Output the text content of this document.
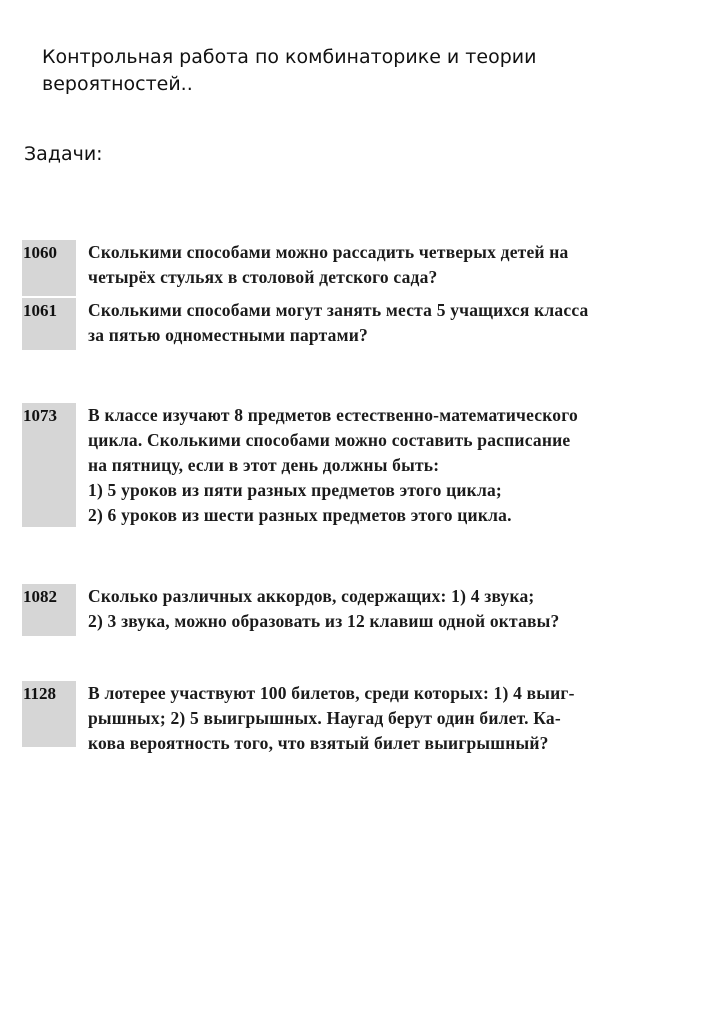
Контрольная работа по комбинаторике и теории вероятностей..
Задачи:
1060	Сколькими способами можно рассадить четверых детей на
четырёх стульях в столовой детского сада?
1061	Сколькими способами могут занять места 5 учащихся класса
за пятью одноместными партами?
1073	В классе изучают 8 предметов естественно-математического
цикла. Сколькими способами можно составить расписание
на пятницу, если в этот день должны быть:
1) 5 уроков из пяти разных предметов этого цикла;
2) 6 уроков из шести разных предметов этого цикла.
1082	Сколько различных аккордов, содержащих: 1) 4 звука;
2) 3 звука, можно образовать из 12 клавиш одной октавы?
1128	В лотерее участвуют 100 билетов, среди которых: 1) 4 выиг-
рышных; 2) 5 выигрышных. Наугад берут один билет. Ка-
кова вероятность того, что взятый билет выигрышный?
